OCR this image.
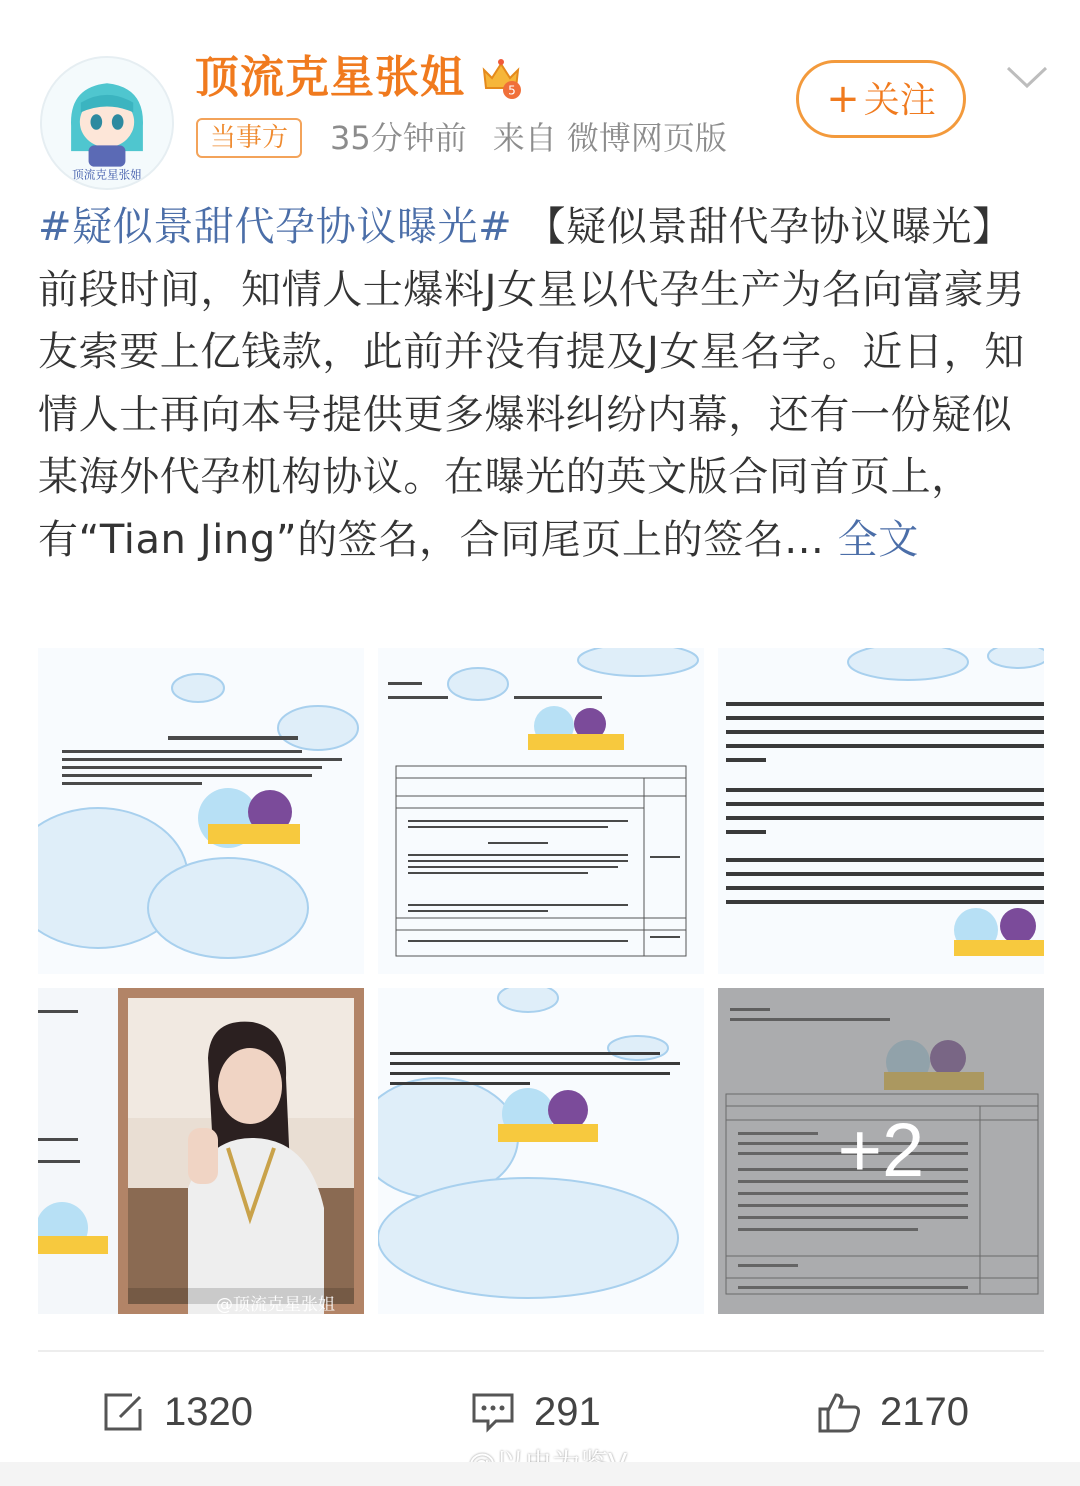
顶流克星张姐
顶流克星张姐	5
当事方	35分钟前 来自 微博网页版
+ 关注
#疑似景甜代孕协议曝光# 【疑似景甜代孕协议曝光】前段时间，知情人士爆料J女星以代孕生产为名向富豪男友索要上亿钱款，此前并没有提及J女星名字。近日，知情人士再向本号提供更多爆料纠纷内幕，还有一份疑似某海外代孕机构协议。在曝光的英文版合同首页上，有“Tian Jing”的签名，合同尾页上的签名... 全文
@顶流克星张姐
+2
1320	291	2170
